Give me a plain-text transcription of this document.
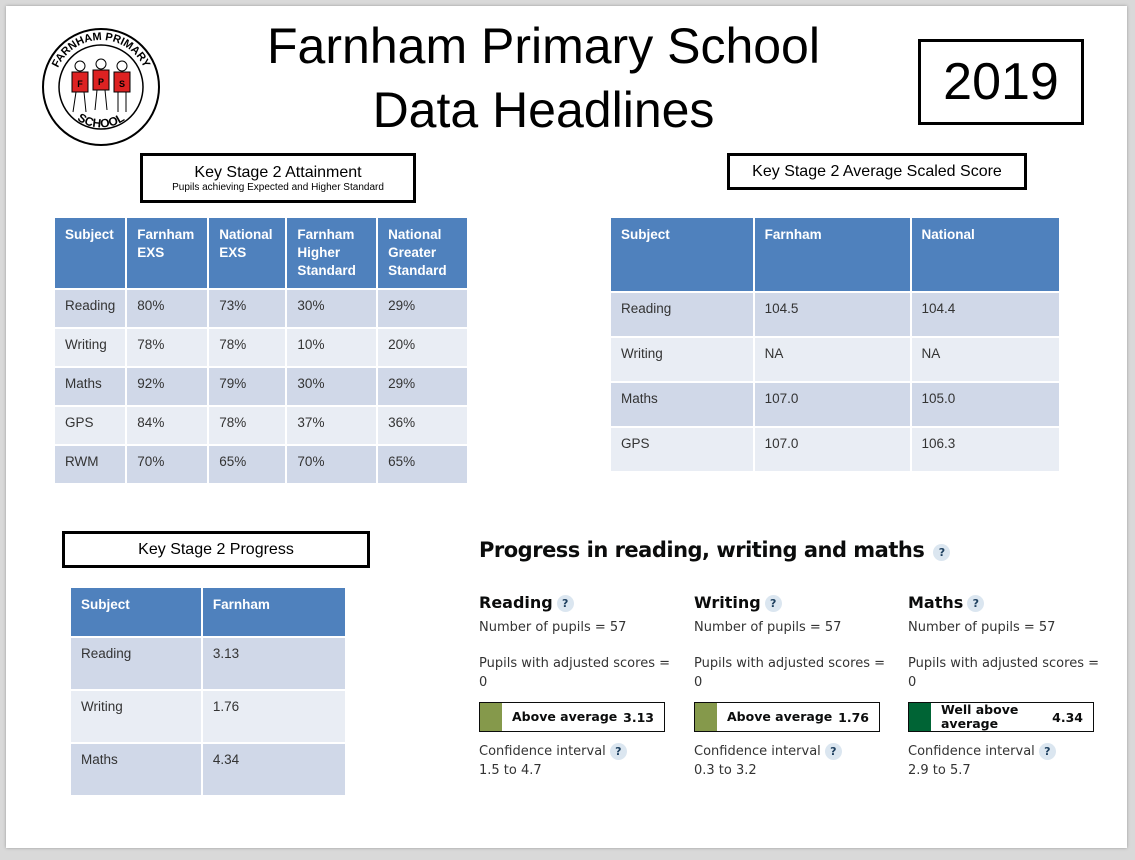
FARNHAM PRIMARY
SCHOOL
F P S
Farnham Primary School
Data Headlines	2019
Key Stage 2 Attainment
Pupils achieving Expected and Higher Standard
Subject	Farnham EXS	National EXS	Farnham Higher Standard	National Greater Standard
Reading	80%	73%	30%	29%
Writing	78%	78%	10%	20%
Maths	92%	79%	30%	29%
GPS	84%	78%	37%	36%
RWM	70%	65%	70%	65%
Key Stage 2 Average Scaled Score
Subject	Farnham	National
Reading	104.5	104.4
Writing	NA	NA
Maths	107.0	105.0
GPS	107.0	106.3
Key Stage 2 Progress
Subject	Farnham
Reading	3.13
Writing	1.76
Maths	4.34
Progress in reading, writing and maths ?
Reading ?

Number of pupils = 57

Pupils with adjusted scores = 0

Above average 3.13

Confidence interval ?

1.5 to 4.7

Writing ?

Number of pupils = 57

Pupils with adjusted scores = 0

Above average 1.76

Confidence interval ?

0.3 to 3.2

Maths ?

Number of pupils = 57

Pupils with adjusted scores = 0

Well above average	4.34

Confidence interval ?

2.9 to 5.7
